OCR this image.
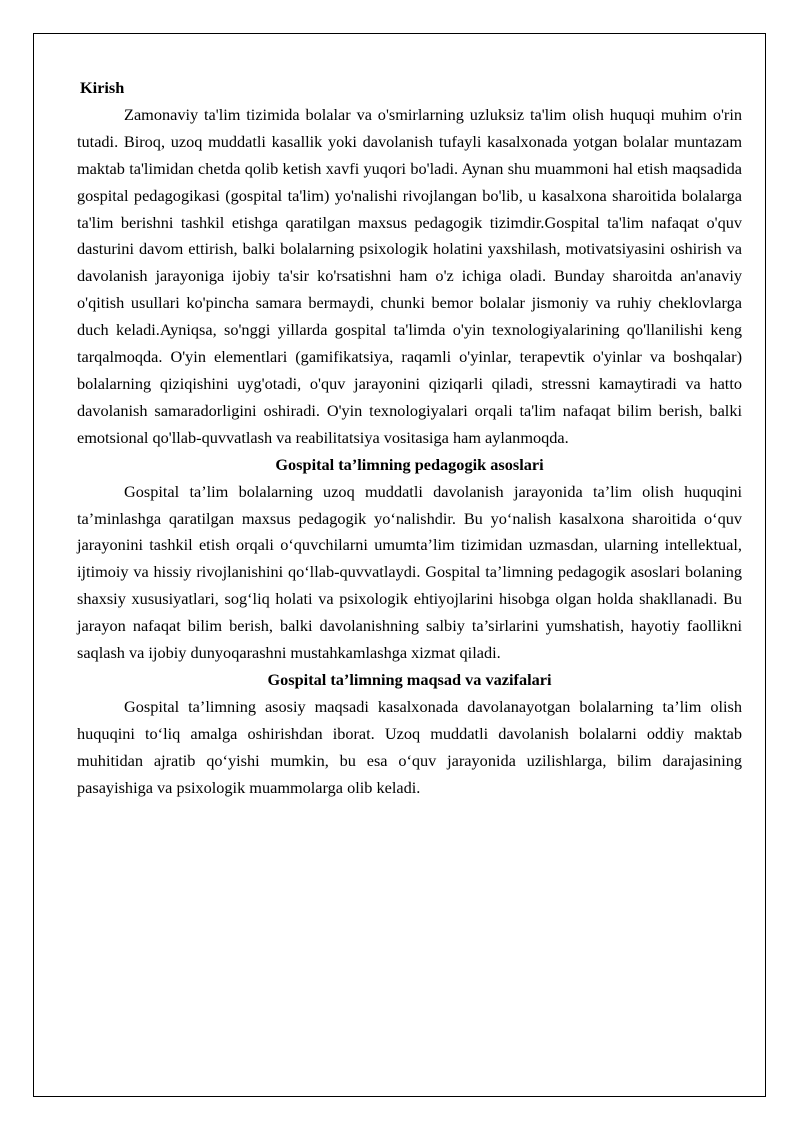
Kirish

Zamonaviy ta'lim tizimida bolalar va o'smirlarning uzluksiz ta'lim olish huquqi muhim o'rin tutadi. Biroq, uzoq muddatli kasallik yoki davolanish tufayli kasalxonada yotgan bolalar muntazam maktab ta'limidan chetda qolib ketish xavfi yuqori bo'ladi. Aynan shu muammoni hal etish maqsadida gospital pedagogikasi (gospital ta'lim) yo'nalishi rivojlangan bo'lib, u kasalxona sharoitida bolalarga ta'lim berishni tashkil etishga qaratilgan maxsus pedagogik tizimdir.Gospital ta'lim nafaqat o'quv dasturini davom ettirish, balki bolalarning psixologik holatini yaxshilash, motivatsiyasini oshirish va davolanish jarayoniga ijobiy ta'sir ko'rsatishni ham o'z ichiga oladi. Bunday sharoitda an'anaviy o'qitish usullari ko'pincha samara bermaydi, chunki bemor bolalar jismoniy va ruhiy cheklovlarga duch keladi.Ayniqsa, so'nggi yillarda gospital ta'limda o'yin texnologiyalarining qo'llanilishi keng tarqalmoqda. O'yin elementlari (gamifikatsiya, raqamli o'yinlar, terapevtik o'yinlar va boshqalar) bolalarning qiziqishini uyg'otadi, o'quv jarayonini qiziqarli qiladi, stressni kamaytiradi va hatto davolanish samaradorligini oshiradi. O'yin texnologiyalari orqali ta'lim nafaqat bilim berish, balki emotsional qo'llab-quvvatlash va reabilitatsiya vositasiga ham aylanmoqda.

Gospital ta’limning pedagogik asoslari

Gospital ta’lim bolalarning uzoq muddatli davolanish jarayonida ta’lim olish huquqini ta’minlashga qaratilgan maxsus pedagogik yo‘nalishdir. Bu yo‘nalish kasalxona sharoitida o‘quv jarayonini tashkil etish orqali o‘quvchilarni umumta’lim tizimidan uzmasdan, ularning intellektual, ijtimoiy va hissiy rivojlanishini qo‘llab-quvvatlaydi. Gospital ta’limning pedagogik asoslari bolaning shaxsiy xususiyatlari, sog‘liq holati va psixologik ehtiyojlarini hisobga olgan holda shakllanadi. Bu jarayon nafaqat bilim berish, balki davolanishning salbiy ta’sirlarini yumshatish, hayotiy faollikni saqlash va ijobiy dunyoqarashni mustahkamlashga xizmat qiladi.

Gospital ta’limning maqsad va vazifalari

Gospital ta’limning asosiy maqsadi kasalxonada davolanayotgan bolalarning ta’lim olish huquqini to‘liq amalga oshirishdan iborat. Uzoq muddatli davolanish bolalarni oddiy maktab muhitidan ajratib qo‘yishi mumkin, bu esa o‘quv jarayonida uzilishlarga, bilim darajasining pasayishiga va psixologik muammolarga olib keladi.
